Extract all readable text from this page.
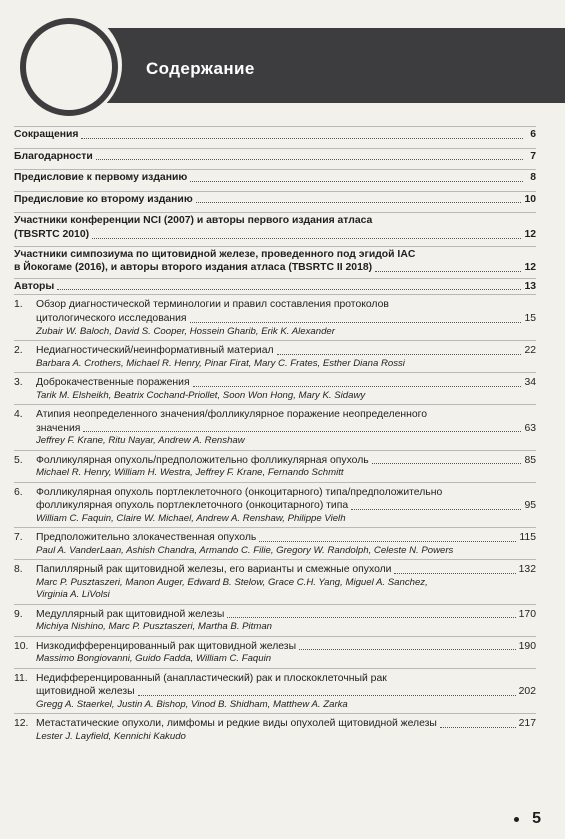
Содержание
Сокращения	6
Благодарности	7
Предисловие к первому изданию	8
Предисловие ко второму изданию	10
Участники конференции NCI (2007) и авторы первого издания атласа
(TBSRTC 2010)	12
Участники симпозиума по щитовидной железе, проведенного под эгидой IAC
в Йокогаме (2016), и авторы второго издания атласа (TBSRTC II 2018)	12
Авторы	13
1.	Обзор диагностической терминологии и правил составления протоколов
цитологического исследования	15
Zubair W. Baloch, David S. Cooper, Hossein Gharib, Erik K. Alexander
2.	Недиагностический/неинформативный материал	22
Barbara A. Crothers, Michael R. Henry, Pinar Firat, Mary C. Frates, Esther Diana Rossi
3.	Доброкачественные поражения	34
Tarik M. Elsheikh, Beatrix Cochand-Priollet, Soon Won Hong, Mary K. Sidawy
4.	Атипия неопределенного значения/фолликулярное поражение неопределенного
значения	63
Jeffrey F. Krane, Ritu Nayar, Andrew A. Renshaw
5.	Фолликулярная опухоль/предположительно фолликулярная опухоль	85
Michael R. Henry, William H. Westra, Jeffrey F. Krane, Fernando Schmitt
6.	Фолликулярная опухоль портлеклеточного (онкоцитарного) типа/предположительно
фолликулярная опухоль портлеклеточного (онкоцитарного) типа	95
William C. Faquin, Claire W. Michael, Andrew A. Renshaw, Philippe Vielh
7.	Предположительно злокачественная опухоль	115
Paul A. VanderLaan, Ashish Chandra, Armando C. Filie, Gregory W. Randolph, Celeste N. Powers
8.	Папиллярный рак щитовидной железы, его варианты и смежные опухоли	132
Marc P. Pusztaszeri, Manon Auger, Edward B. Stelow, Grace C.H. Yang, Miguel A. Sanchez,
Virginia A. LiVolsi
9.	Медуллярный рак щитовидной железы	170
Michiya Nishino, Marc P. Pusztaszeri, Martha B. Pitman
10. Низкодифференцированный рак щитовидной железы	190
Massimo Bongiovanni, Guido Fadda, William C. Faquin
11. Недифференцированный (анапластический) рак и плоскоклеточный рак
щитовидной железы	202
Gregg A. Staerkel, Justin A. Bishop, Vinod B. Shidham, Matthew A. Zarka
12. Метастатические опухоли, лимфомы и редкие виды опухолей щитовидной железы	217
Lester J. Layfield, Kennichi Kakudo
5
